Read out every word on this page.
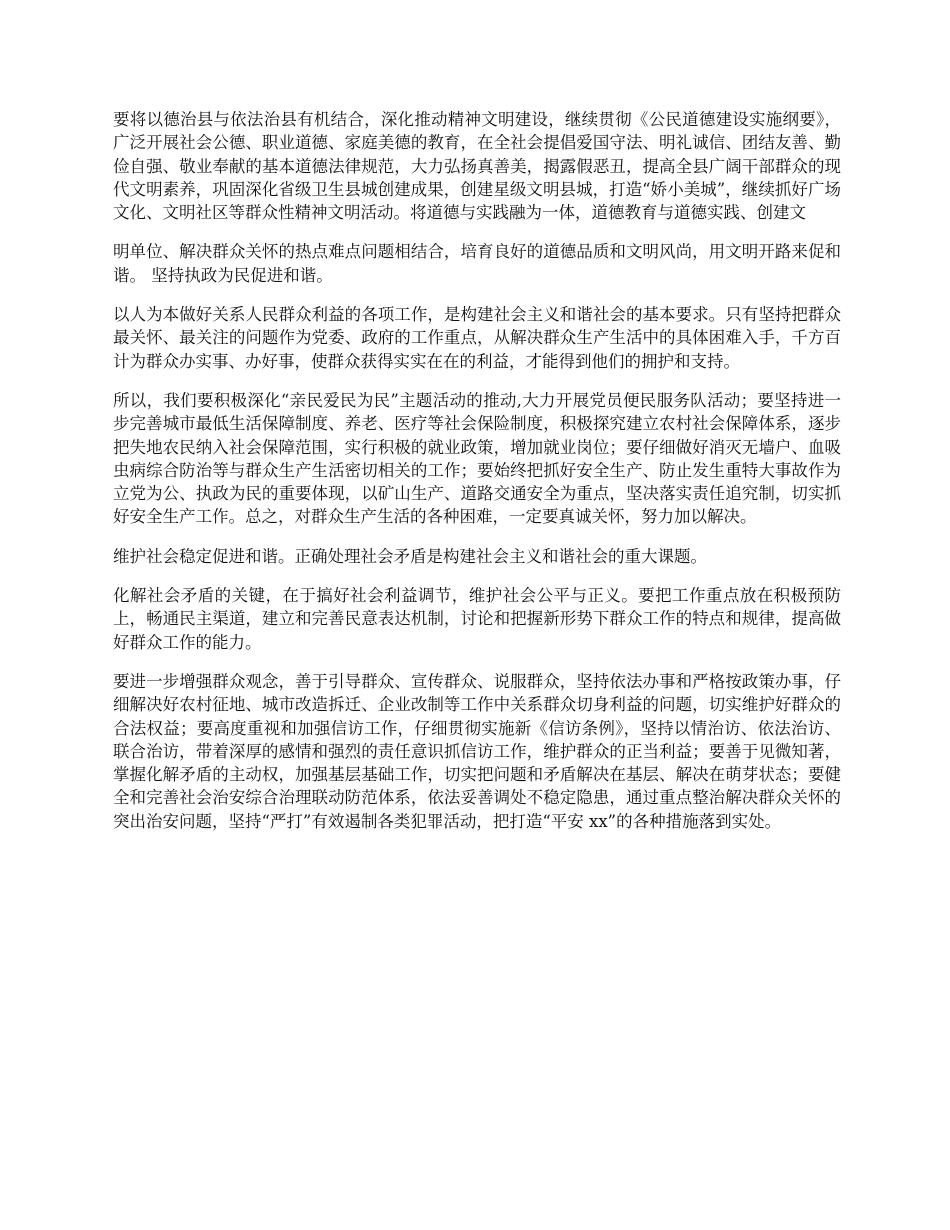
要将以德治县与依法治县有机结合，深化推动精神文明建设，继续贯彻《公民道德建设实施纲要》，广泛开展社会公德、职业道德、家庭美德的教育，在全社会提倡爱国守法、明礼诚信、团结友善、勤俭自强、敬业奉献的基本道德法律规范，大力弘扬真善美，揭露假恶丑，提高全县广阔干部群众的现代文明素养，巩固深化省级卫生县城创建成果，创建星级文明县城，打造“娇小美城”，继续抓好广场文化、文明社区等群众性精神文明活动。将道德与实践融为一体，道德教育与道德实践、创建文

明单位、解决群众关怀的热点难点问题相结合，培育良好的道德品质和文明风尚，用文明开路来促和谐。 坚持执政为民促进和谐。

以人为本做好关系人民群众利益的各项工作，是构建社会主义和谐社会的基本要求。只有坚持把群众最关怀、最关注的问题作为党委、政府的工作重点，从解决群众生产生活中的具体困难入手，千方百计为群众办实事、办好事，使群众获得实实在在的利益，才能得到他们的拥护和支持。

所以，我们要积极深化“亲民爱民为民”主题活动的推动,大力开展党员便民服务队活动；要坚持进一步完善城市最低生活保障制度、养老、医疗等社会保险制度，积极探究建立农村社会保障体系，逐步把失地农民纳入社会保障范围，实行积极的就业政策，增加就业岗位；要仔细做好消灭无墙户、血吸虫病综合防治等与群众生产生活密切相关的工作；要始终把抓好安全生产、防止发生重特大事故作为立党为公、执政为民的重要体现，以矿山生产、道路交通安全为重点，坚决落实责任追究制，切实抓好安全生产工作。总之，对群众生产生活的各种困难，一定要真诚关怀，努力加以解决。

维护社会稳定促进和谐。正确处理社会矛盾是构建社会主义和谐社会的重大课题。

化解社会矛盾的关键，在于搞好社会利益调节，维护社会公平与正义。要把工作重点放在积极预防上，畅通民主渠道，建立和完善民意表达机制，讨论和把握新形势下群众工作的特点和规律，提高做好群众工作的能力。

要进一步增强群众观念，善于引导群众、宣传群众、说服群众，坚持依法办事和严格按政策办事，仔细解决好农村征地、城市改造拆迁、企业改制等工作中关系群众切身利益的问题，切实维护好群众的合法权益；要高度重视和加强信访工作，仔细贯彻实施新《信访条例》，坚持以情治访、依法治访、联合治访，带着深厚的感情和强烈的责任意识抓信访工作，维护群众的正当利益；要善于见微知著，掌握化解矛盾的主动权，加强基层基础工作，切实把问题和矛盾解决在基层、解决在萌芽状态；要健全和完善社会治安综合治理联动防范体系，依法妥善调处不稳定隐患，通过重点整治解决群众关怀的突出治安问题，坚持“严打”有效遏制各类犯罪活动，把打造“平安 xx”的各种措施落到实处。
